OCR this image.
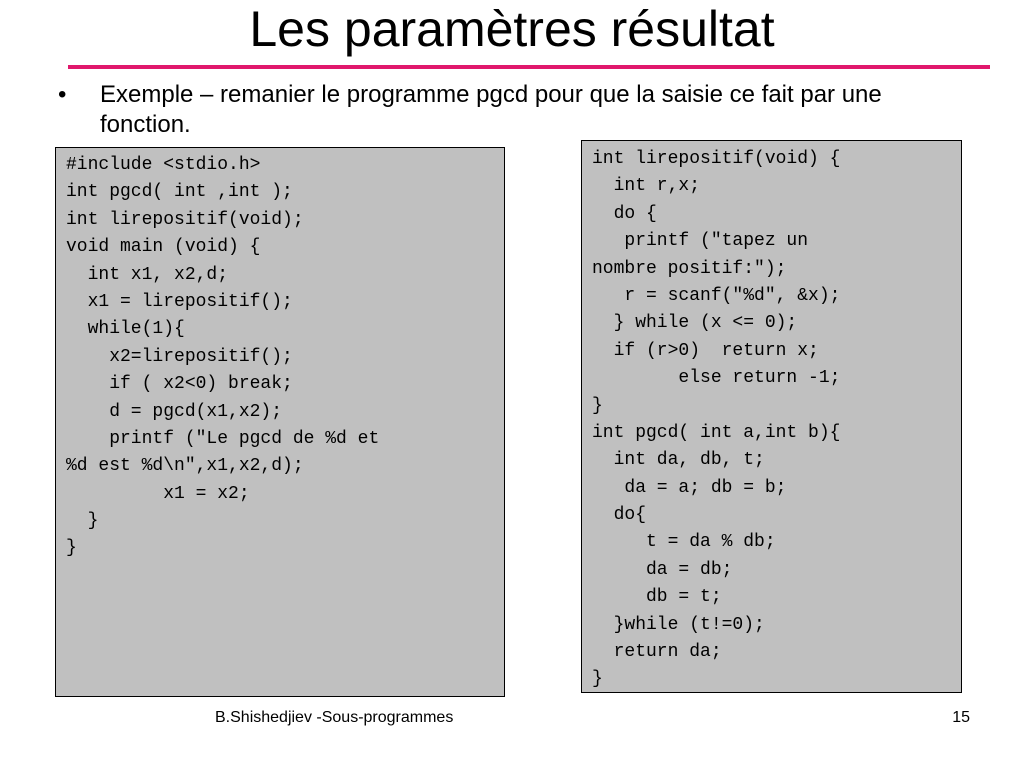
Les paramètres résultat
•	Exemple – remanier le programme pgcd pour que la saisie ce fait par une fonction.
#include <stdio.h>
int pgcd( int ,int );
int lirepositif(void);
void main (void) {
int x1, x2,d;
x1 = lirepositif();
while(1){
x2=lirepositif();
if ( x2<0) break;
d = pgcd(x1,x2);
printf ("Le pgcd de %d et
%d est %d\n",x1,x2,d);
x1 = x2;
}
}
int lirepositif(void) {
int r,x;
do {
printf ("tapez un
nombre positif:");
r = scanf("%d", &x);
} while (x <= 0);
if (r>0)  return x;
else return -1;
}
int pgcd( int a,int b){
int da, db, t;
da = a; db = b;
do{
t = da % db;
da = db;
db = t;
}while (t!=0);
return da;
}
B.Shishedjiev -Sous-programmes	15
